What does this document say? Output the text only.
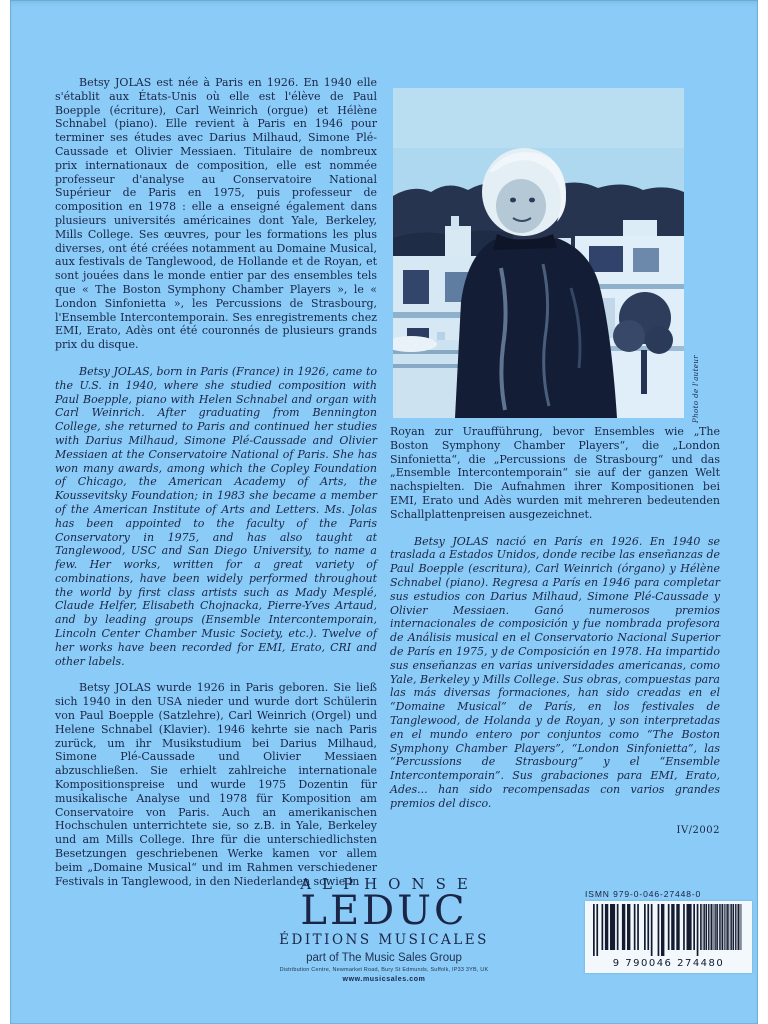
Betsy JOLAS est née à Paris en 1926. En 1940 elle s'établit aux États-Unis où elle est l'élève de Paul Boepple (écriture), Carl Weinrich (orgue) et Hélène Schnabel (piano). Elle revient à Paris en 1946 pour terminer ses études avec Darius Milhaud, Simone Plé-Caussade et Olivier Messiaen. Titulaire de nombreux prix internationaux de composition, elle est nommée professeur d'analyse au Conservatoire National Supérieur de Paris en 1975, puis professeur de composition en 1978 : elle a enseigné également dans plusieurs universités américaines dont Yale, Berkeley, Mills College. Ses œuvres, pour les formations les plus diverses, ont été créées notamment au Domaine Musical, aux festivals de Tanglewood, de Hollande et de Royan, et sont jouées dans le monde entier par des ensembles tels que « The Boston Symphony Chamber Players », le « London Sinfonietta », les Percussions de Strasbourg, l'Ensemble Intercontemporain. Ses enregistrements chez EMI, Erato, Adès ont été couronnés de plusieurs grands prix du disque.

Betsy JOLAS, born in Paris (France) in 1926, came to the U.S. in 1940, where she studied composition with Paul Boepple, piano with Helen Schnabel and organ with Carl Weinrich. After graduating from Bennington College, she returned to Paris and continued her studies with Darius Milhaud, Simone Plé-Caussade and Olivier Messiaen at the Conservatoire National of Paris. She has won many awards, among which the Copley Foundation of Chicago, the American Academy of Arts, the Koussevitsky Foundation; in 1983 she became a member of the American Institute of Arts and Letters. Ms. Jolas has been appointed to the faculty of the Paris Conservatory in 1975, and has also taught at Tanglewood, USC and San Diego University, to name a few. Her works, written for a great variety of combinations, have been widely performed throughout the world by first class artists such as Mady Mesplé, Claude Helfer, Elisabeth Chojnacka, Pierre-Yves Artaud, and by leading groups (Ensemble Intercontemporain, Lincoln Center Chamber Music Society, etc.). Twelve of her works have been recorded for EMI, Erato, CRI and other labels.

Betsy JOLAS wurde 1926 in Paris geboren. Sie ließ sich 1940 in den USA nieder und wurde dort Schülerin von Paul Boepple (Satzlehre), Carl Weinrich (Orgel) und Helene Schnabel (Klavier). 1946 kehrte sie nach Paris zurück, um ihr Musikstudium bei Darius Milhaud, Simone Plé-Caussade und Olivier Messiaen abzuschließen. Sie erhielt zahlreiche internationale Kompositionspreise und wurde 1975 Dozentin für musikalische Analyse und 1978 für Komposition am Conservatoire von Paris. Auch an amerikanischen Hochschulen unterrichtete sie, so z.B. in Yale, Berkeley und am Mills College. Ihre für die unterschiedlichsten Besetzungen geschriebenen Werke kamen vor allem beim „Domaine Musical“ und im Rahmen verschiedener Festivals in Tanglewood, in den Niederlanden sowie in

Photo de l'auteur

Royan zur Uraufführung, bevor Ensembles wie „The Boston Symphony Chamber Players“, die „London Sinfonietta“, die „Percussions de Strasbourg“ und das „Ensemble Intercontemporain“ sie auf der ganzen Welt nachspielten. Die Aufnahmen ihrer Kompositionen bei EMI, Erato und Adès wurden mit mehreren bedeutenden Schallplattenpreisen ausgezeichnet.

Betsy JOLAS nació en París en 1926. En 1940 se traslada a Estados Unidos, donde recibe las enseñanzas de Paul Boepple (escritura), Carl Weinrich (órgano) y Hélène Schnabel (piano). Regresa a París en 1946 para completar sus estudios con Darius Milhaud, Simone Plé-Caussade y Olivier Messiaen. Ganó numerosos premios internacionales de composición y fue nombrada profesora de Análisis musical en el Conservatorio Nacional Superior de París en 1975, y de Composición en 1978. Ha impartido sus enseñanzas en varias universidades americanas, como Yale, Berkeley y Mills College. Sus obras, compuestas para las más diversas formaciones, han sido creadas en el “Domaine Musical” de París, en los festivales de Tanglewood, de Holanda y de Royan, y son interpretadas en el mundo entero por conjuntos como “The Boston Symphony Chamber Players”, “London Sinfonietta”, las “Percussions de Strasbourg” y el “Ensemble Intercontemporain”. Sus grabaciones para EMI, Erato, Ades... han sido recompensadas con varios grandes premios del disco.

IV/2002
ALPHONSE
LEDUC
ÉDITIONS MUSICALES
part of The Music Sales Group
Distribution Centre, Newmarket Road, Bury St Edmunds, Suffolk, IP33 3YB, UK
www.musicsales.com
ISMN 979-0-046-27448-0
9 790046 274480
